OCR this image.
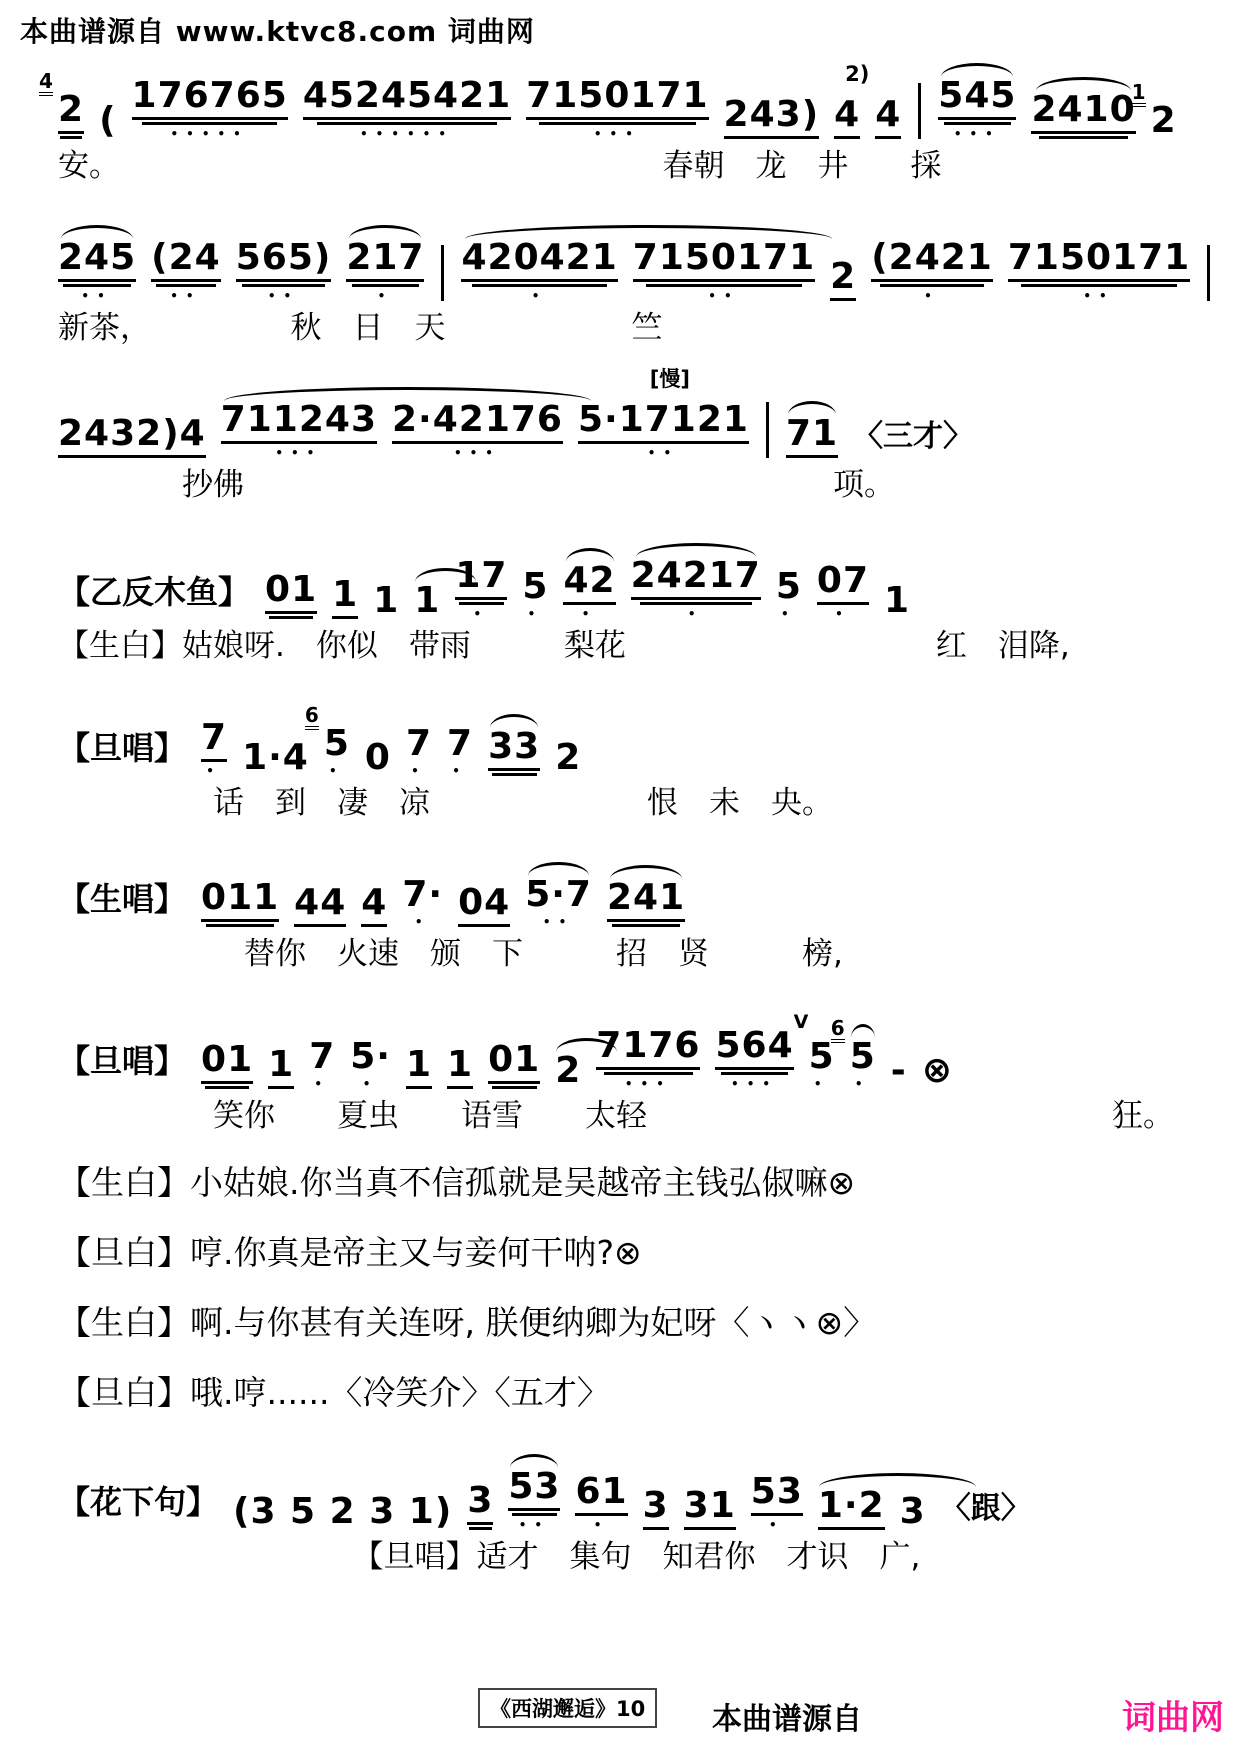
本曲谱源自 www.ktvc8.com 词曲网
4
2 (
176765
•••••
45245421
••••••
7150171
••• 243)
2)
4 4 545
•••
2410
1
2
安。　　　　　　　　　　　　　　　　　　春朝　龙　井　　採
245
••
(24
••
565)
••
217
•
420421
•
7150171
••	2 (2421
•
7150171
••
新茶，　　　　　秋　日　天　　　　　　竺
2432)4 711243
•••
2·42176
•••
[慢]
5·17121
••	71 〈三才〉
　　　　抄佛　　　　　　　　　　　　　　　　　　　项。
【乙反木鱼】 01 1 1 1
17
•
5
•
42
•
24217
•
5
•
07
• 1
【生白】姑娘呀.　你似　带雨　　　梨花　　　　　　　　　　红　泪降,
【旦唱】 7
• 1·4
6
5
• 0 7
•
7
•
33 2
　　　　　话　到　凄　凉　　　　　　　恨　未　央。
【生唱】 011 44 4 7·
• 04 5·7
••
241
　　　　　　替你　火速　颁　下　　　招　贤　　　榜,
【旦唱】 01 1 7
•
5·
• 1 1 01 2
7176
•••
564
•••
V
5
•
6
5
• - ⊗
　　　　　笑你　　夏虫　　语雪　　太轻　　　　　　　　　　　　　　　狂。
【生白】小姑娘.你当真不信孤就是吴越帝主钱弘俶嘛⊗
【旦白】哼.你真是帝主又与妾何干呐?⊗
【生白】啊.与你甚有关连呀, 朕便纳卿为妃呀〈ヽヽ⊗〉
【旦白】哦.哼......〈冷笑介〉〈五才〉
【花下句】 (3 5 2 3 1) 3 53
••
61
• 3 31 53
• 1·2 3 〈跟〉
　　　　　　　　　　【旦唱】适才　集句　知君你　才识　广,
《西湖邂逅》10	本曲谱源自	词曲网
